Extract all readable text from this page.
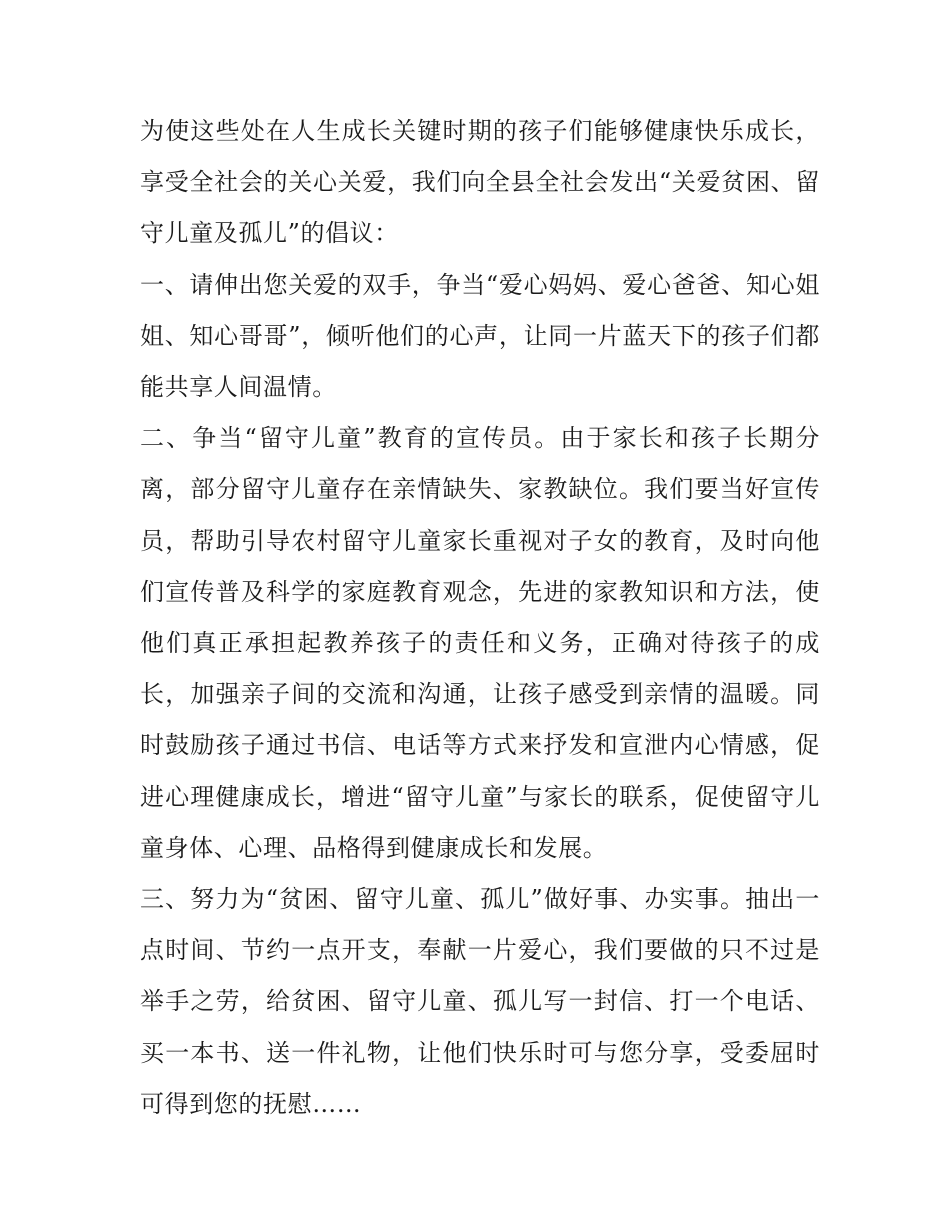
为使这些处在人生成长关键时期的孩子们能够健康快乐成长，享受全社会的关心关爱，我们向全县全社会发出“关爱贫困、留守儿童及孤儿”的倡议：

一、请伸出您关爱的双手，争当“爱心妈妈、爱心爸爸、知心姐姐、知心哥哥”，倾听他们的心声，让同一片蓝天下的孩子们都能共享人间温情。

二、争当“留守儿童”教育的宣传员。由于家长和孩子长期分离，部分留守儿童存在亲情缺失、家教缺位。我们要当好宣传员，帮助引导农村留守儿童家长重视对子女的教育，及时向他们宣传普及科学的家庭教育观念，先进的家教知识和方法，使他们真正承担起教养孩子的责任和义务，正确对待孩子的成长，加强亲子间的交流和沟通，让孩子感受到亲情的温暖。同时鼓励孩子通过书信、电话等方式来抒发和宣泄内心情感，促进心理健康成长，增进“留守儿童”与家长的联系，促使留守儿童身体、心理、品格得到健康成长和发展。

三、努力为“贫困、留守儿童、孤儿”做好事、办实事。抽出一点时间、节约一点开支，奉献一片爱心，我们要做的只不过是举手之劳，给贫困、留守儿童、孤儿写一封信、打一个电话、买一本书、送一件礼物，让他们快乐时可与您分享，受委屈时可得到您的抚慰……
